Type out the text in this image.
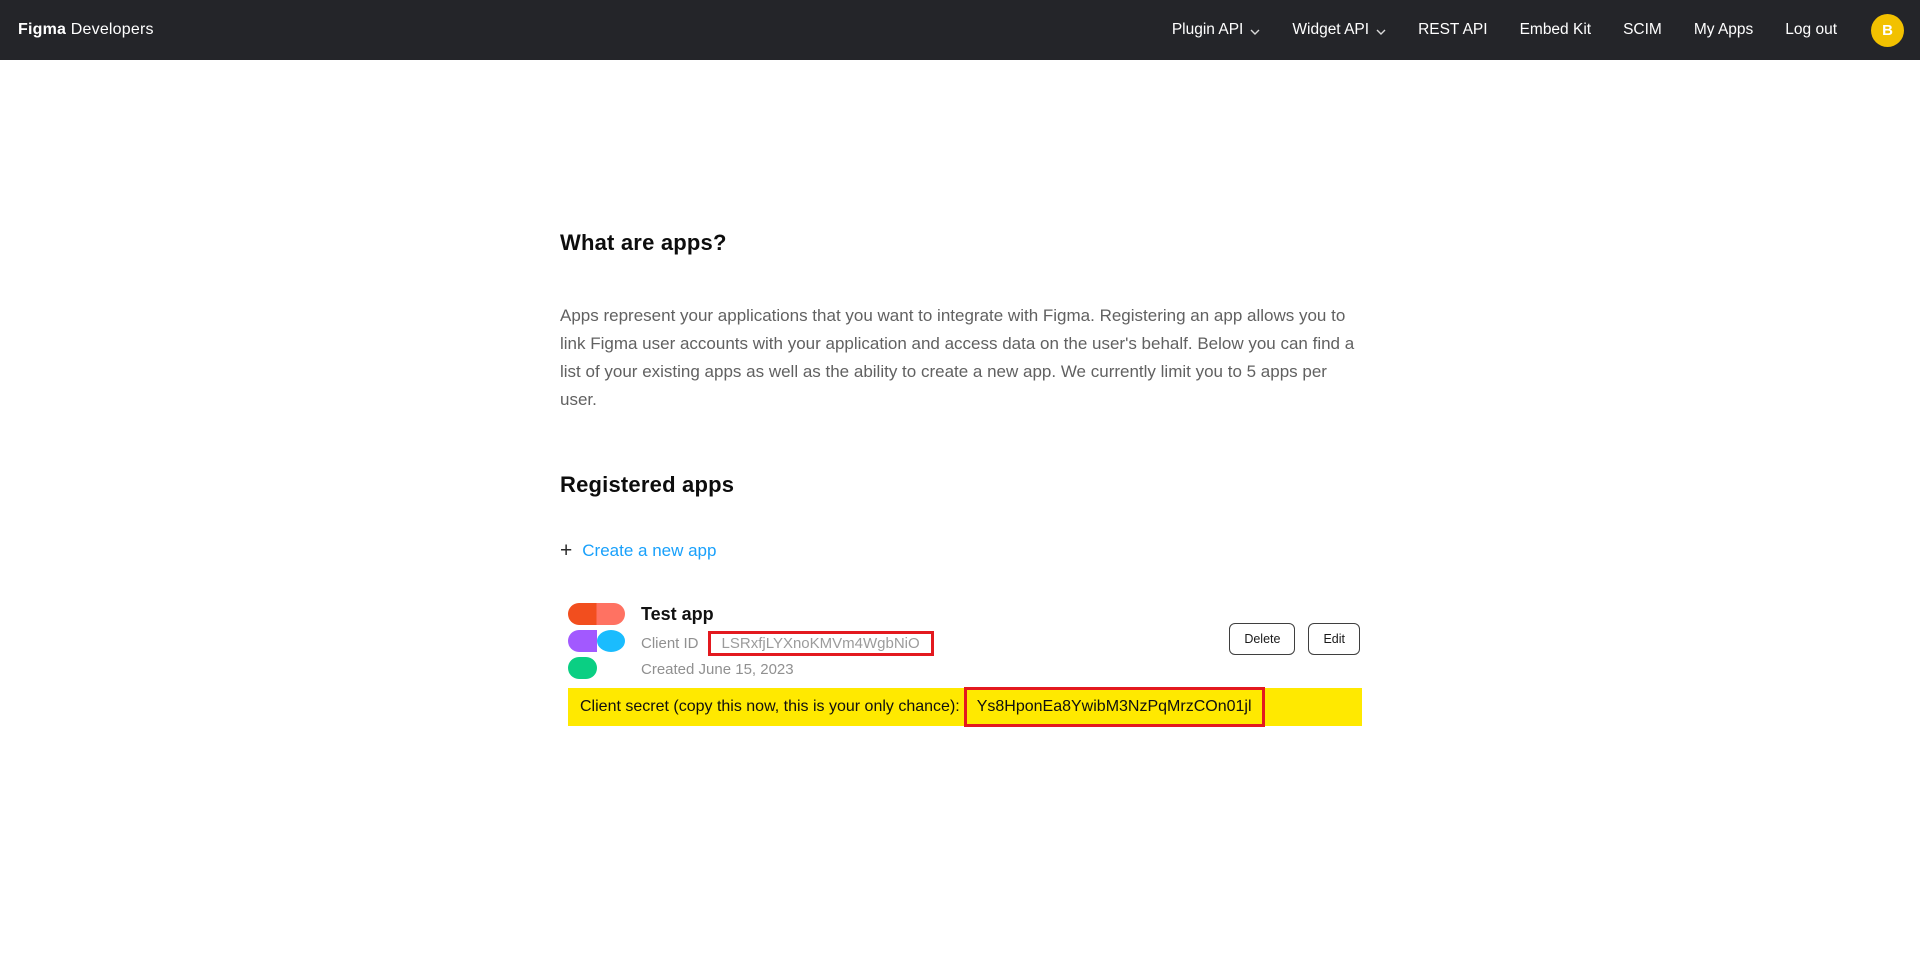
Figma Developers	Plugin API	Widget API	REST API Embed Kit SCIM My Apps Log out	B
What are apps?

Apps represent your applications that you want to integrate with Figma. Registering an app allows you to link Figma user accounts with your application and access data on the user's behalf. Below you can find a list of your existing apps as well as the ability to create a new app. We currently limit you to 5 apps per user.

Registered apps
+ Create a new app
Test app
Client ID	LSRxfjLYXnoKMVm4WgbNiO
Created June 15, 2023
Delete	Edit
Client secret (copy this now, this is your only chance):	Ys8HponEa8YwibM3NzPqMrzCOn01jl
